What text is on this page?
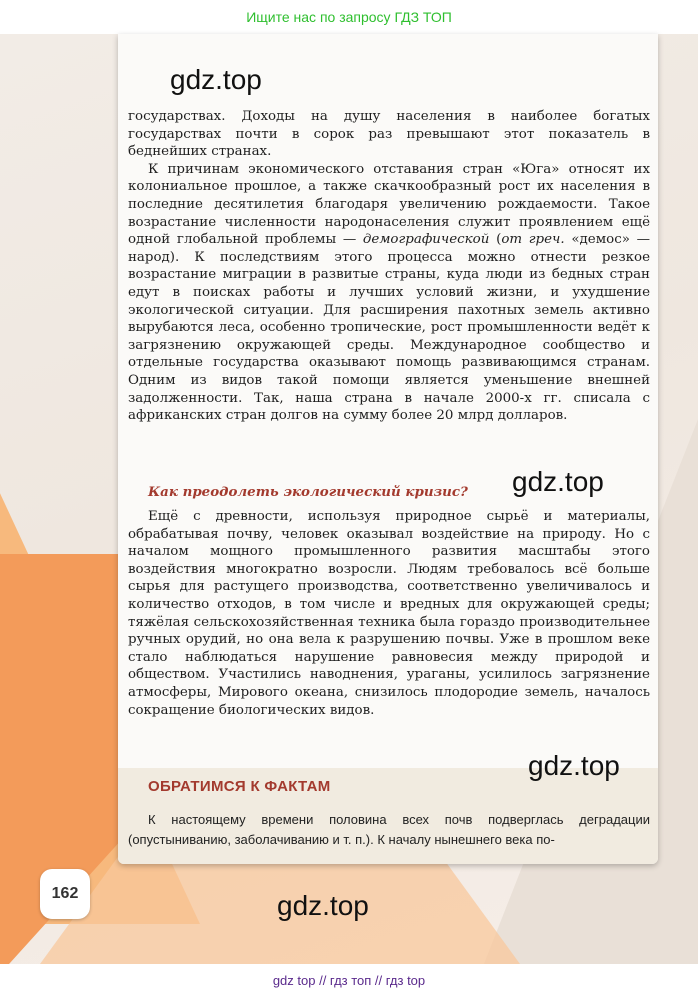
Ищите нас по запросу ГДЗ ТОП
gdz.top

государствах. Доходы на душу населения в наиболее богатых государствах почти в сорок раз превышают этот показатель в беднейших странах.

К причинам экономического отставания стран «Юга» относят их колониальное прошлое, а также скачкообразный рост их населения в последние десятилетия благодаря увеличению рождаемости. Такое возрастание численности народонаселения служит проявлением ещё одной глобальной проблемы — демографической (от греч. «демос» — народ). К последствиям этого процесса можно отнести резкое возрастание миграции в развитые страны, куда люди из бедных стран едут в поисках работы и лучших условий жизни, и ухудшение экологической ситуации. Для расширения пахотных земель активно вырубаются леса, особенно тропические, рост промышленности ведёт к загрязнению окружающей среды. Международное сообщество и отдельные государства оказывают помощь развивающимся странам. Одним из видов такой помощи является уменьшение внешней задолженности. Так, наша страна в начале 2000-х гг. списала с африканских стран долгов на сумму более 20 млрд долларов.

Как преодолеть экологический кризис?	gdz.top

Ещё с древности, используя природное сырьё и материалы, обрабатывая почву, человек оказывал воздействие на природу. Но с началом мощного промышленного развития масштабы этого воздействия многократно возросли. Людям требовалось всё больше сырья для растущего производства, соответственно увеличивалось и количество отходов, в том числе и вредных для окружающей среды; тяжёлая сельскохозяйственная техника была гораздо производительнее ручных орудий, но она вела к разрушению почвы. Уже в прошлом веке стало наблюдаться нарушение равновесия между природой и обществом. Участились наводнения, ураганы, усилилось загрязнение атмосферы, Мирового океана, снизилось плодородие земель, началось сокращение биологических видов.

ОБРАТИМСЯ К ФАКТАМ
gdz.top

К настоящему времени половина всех почв подверглась деградации (опустыниванию, заболачиванию и т. п.). К началу нынешнего века по-

162	gdz.top
gdz top // гдз топ // гдз top
